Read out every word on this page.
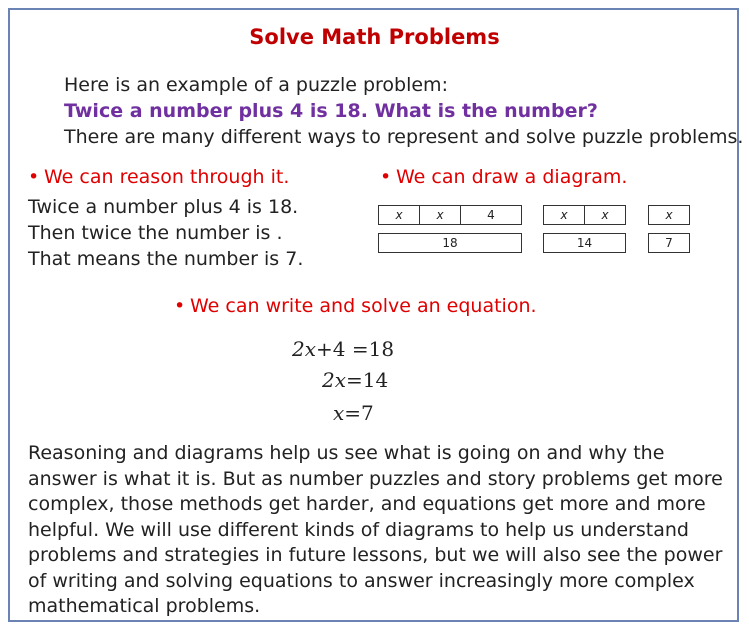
Solve Math Problems
Here is an example of a puzzle problem:
Twice a number plus 4 is 18. What is the number?
There are many different ways to represent and solve puzzle problems.
• We can reason through it.	• We can draw a diagram.
Twice a number plus 4 is 18.
Then twice the number is .
That means the number is 7.
x	x	4
18
x	x
14
x
7
• We can write and solve an equation.
2x+4 =18
2x=14
x=7
Reasoning and diagrams help us see what is going on and why the answer is what it is. But as number puzzles and story problems get more complex, those methods get harder, and equations get more and more helpful. We will use different kinds of diagrams to help us understand problems and strategies in future lessons, but we will also see the power of writing and solving equations to answer increasingly more complex mathematical problems.
